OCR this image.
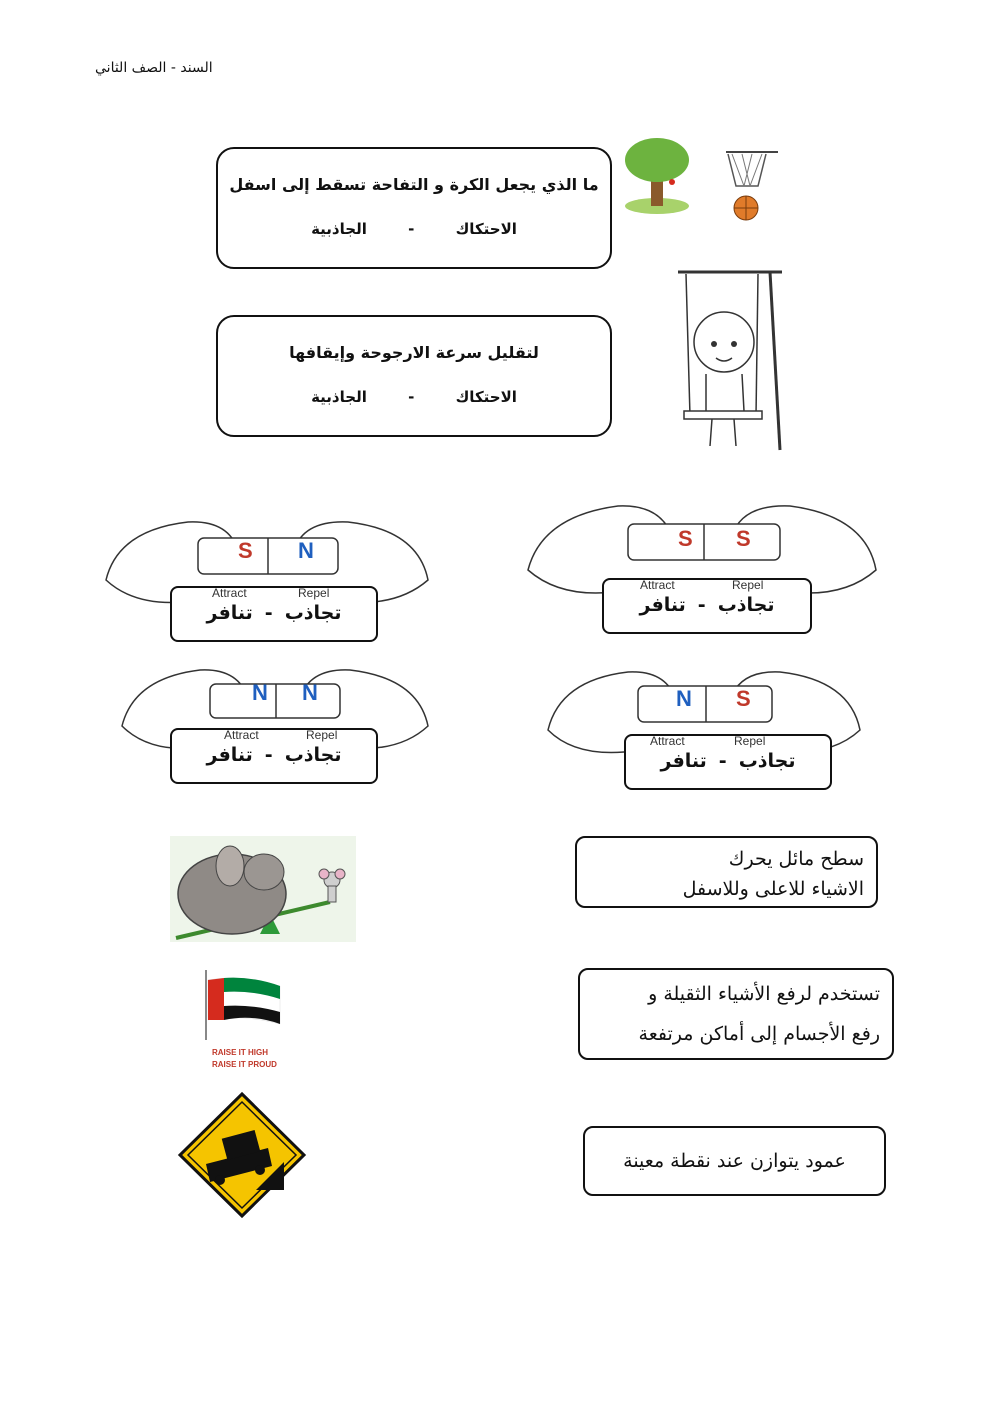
السند - الصف الثاني
ما الذي يجعل الكرة و التفاحة تسقط إلى اسفل
الاحتكاك - الجاذبية
لتقليل سرعة الارجوحة وإيقافها
الاحتكاك - الجاذبية
S N
Attract	Repel
تجاذب-تنافر
S S
Attract	Repel
تجاذب-تنافر
N N
Attract	Repel
تجاذب-تنافر
N S
Attract	Repel
تجاذب-تنافر
سطح مائل يحرك
الاشياء للاعلى وللاسفل
RAISE IT HIGH
RAISE IT PROUD
تستخدم لرفع الأشياء الثقيلة و
رفع الأجسام إلى أماكن مرتفعة
عمود يتوازن عند نقطة معينة
